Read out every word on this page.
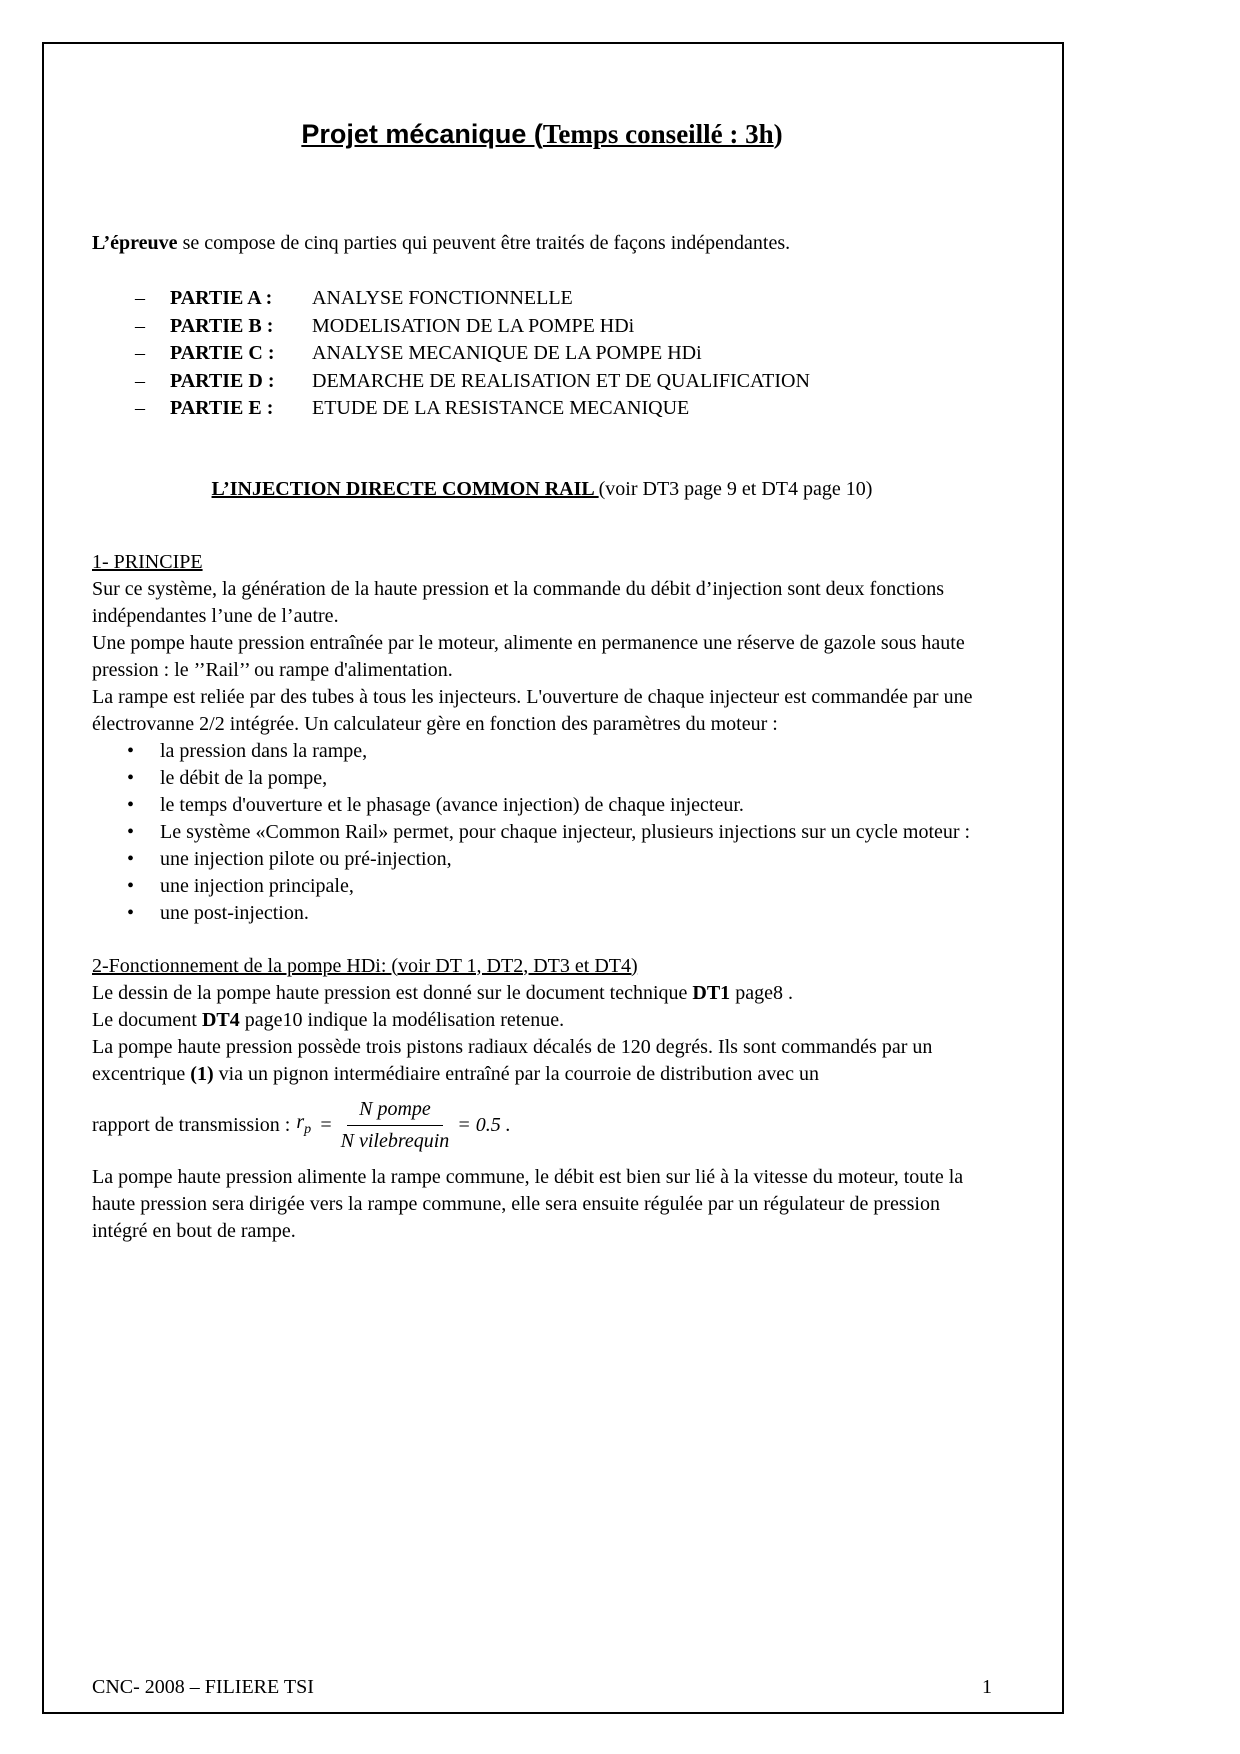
Projet mécanique (Temps conseillé : 3h)

L’épreuve se compose de cinq parties qui peuvent être traités de façons indépendantes.

–	PARTIE A :	ANALYSE FONCTIONNELLE
–	PARTIE B :	MODELISATION DE LA POMPE HDi
–	PARTIE C :	ANALYSE MECANIQUE DE LA POMPE HDi
–	PARTIE D :	DEMARCHE DE REALISATION ET DE QUALIFICATION
–	PARTIE E :	ETUDE DE LA RESISTANCE MECANIQUE
L’INJECTION DIRECTE COMMON RAIL (voir DT3 page 9 et DT4 page 10)

1- PRINCIPE

Sur ce système, la génération de la haute pression et la commande du débit d’injection sont deux fonctions indépendantes l’une de l’autre.

Une pompe haute pression entraînée par le moteur, alimente en permanence une réserve de gazole sous haute pression : le ’’Rail’’ ou rampe d'alimentation.

La rampe est reliée par des tubes à tous les injecteurs. L'ouverture de chaque injecteur est commandée par une électrovanne 2/2 intégrée. Un calculateur gère en fonction des paramètres du moteur :

•	la pression dans la rampe,
•	le débit de la pompe,
•	le temps d'ouverture et le phasage (avance injection) de chaque injecteur.
•	Le système «Common Rail» permet, pour chaque injecteur, plusieurs injections sur un cycle moteur :
•	une injection pilote ou pré-injection,
•	une injection principale,
•	une post-injection.

2-Fonctionnement de la pompe HDi: (voir DT 1, DT2, DT3 et DT4)

Le dessin de la pompe haute pression est donné sur le document technique DT1 page8 .

Le document DT4 page10 indique la modélisation retenue.

La pompe haute pression possède trois pistons radiaux décalés de 120 degrés. Ils sont commandés par un excentrique (1) via un pignon intermédiaire entraîné par la courroie de distribution avec un

rapport de transmission : $r_p = \frac{\text{N pompe}}{\text{N vilebrequin}} = 0.5$ .

La pompe haute pression alimente la rampe commune, le débit est bien sur lié à la vitesse du moteur, toute la haute pression sera dirigée vers la rampe commune, elle sera ensuite régulée par un régulateur de pression intégré en bout de rampe.

CNC- 2008 – FILIERE TSI	1
